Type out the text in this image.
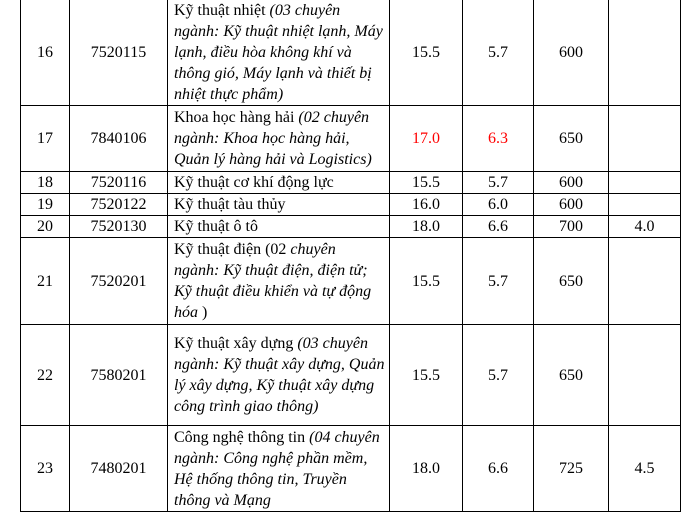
16	7520115	Kỹ thuật nhiệt (03 chuyên ngành: Kỹ thuật nhiệt lạnh, Máy lạnh, điều hòa không khí và thông gió, Máy lạnh và thiết bị nhiệt thực phẩm)	15.5	5.7	600	
17	7840106	Khoa học hàng hải (02 chuyên ngành: Khoa học hàng hải, Quản lý hàng hải và Logistics)	17.0	6.3	650	
18	7520116	Kỹ thuật cơ khí động lực	15.5	5.7	600	
19	7520122	Kỹ thuật tàu thủy	16.0	6.0	600	
20	7520130	Kỹ thuật ô tô	18.0	6.6	700	4.0
21	7520201	Kỹ thuật điện (02 chuyên ngành: Kỹ thuật điện, điện tử; Kỹ thuật điều khiển và tự động hóa )	15.5	5.7	650	
22	7580201	Kỹ thuật xây dựng (03 chuyên ngành: Kỹ thuật xây dựng, Quản lý xây dựng, Kỹ thuật xây dựng công trình giao thông)	15.5	5.7	650	
23	7480201	Công nghệ thông tin (04 chuyên ngành: Công nghệ phần mềm, Hệ thống thông tin, Truyền thông và Mạng	18.0	6.6	725	4.5
